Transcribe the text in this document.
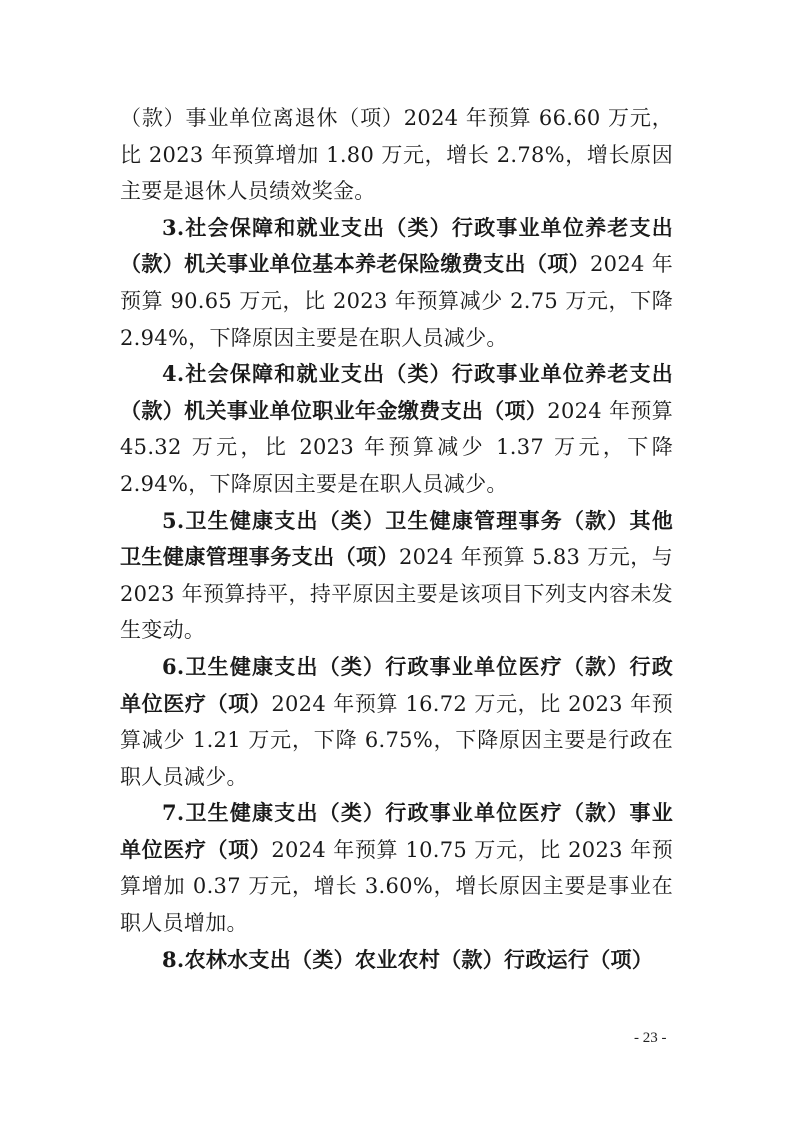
（款）事业单位离退休（项）2024 年预算 66.60 万元，比 2023 年预算增加 1.80 万元，增长 2.78%，增长原因主要是退休人员绩效奖金。

3.社会保障和就业支出（类）行政事业单位养老支出（款）机关事业单位基本养老保险缴费支出（项）2024 年预算 90.65 万元，比 2023 年预算减少 2.75 万元，下降 2.94%，下降原因主要是在职人员减少。

4.社会保障和就业支出（类）行政事业单位养老支出（款）机关事业单位职业年金缴费支出（项）2024 年预算 45.32 万元，比 2023 年预算减少 1.37 万元，下降 2.94%，下降原因主要是在职人员减少。

5.卫生健康支出（类）卫生健康管理事务（款）其他卫生健康管理事务支出（项）2024 年预算 5.83 万元，与 2023 年预算持平，持平原因主要是该项目下列支内容未发生变动。

6.卫生健康支出（类）行政事业单位医疗（款）行政单位医疗（项）2024 年预算 16.72 万元，比 2023 年预算减少 1.21 万元，下降 6.75%，下降原因主要是行政在职人员减少。

7.卫生健康支出（类）行政事业单位医疗（款）事业单位医疗（项）2024 年预算 10.75 万元，比 2023 年预算增加 0.37 万元，增长 3.60%，增长原因主要是事业在职人员增加。

8.农林水支出（类）农业农村（款）行政运行（项）

- 23 -
